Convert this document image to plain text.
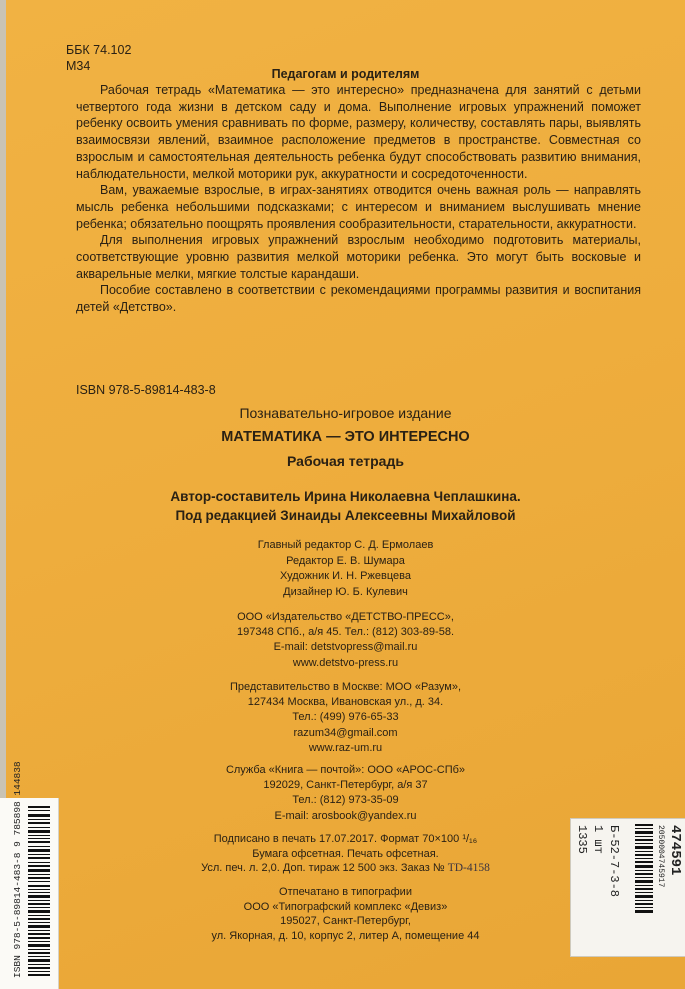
ББК 74.102
М34
Педагогам и родителям

Рабочая тетрадь «Математика — это интересно» предназначена для занятий с детьми четвертого года жизни в детском саду и дома. Выполнение игровых упражнений поможет ребенку освоить умения сравнивать по форме, размеру, количеству, составлять пары, выявлять взаимосвязи явлений, взаимное расположение предметов в пространстве. Совместная со взрослым и самостоятельная деятельность ребенка будут способствовать развитию внимания, наблюдательности, мелкой моторики рук, аккуратности и сосредоточенности.

Вам, уважаемые взрослые, в играх-занятиях отводится очень важная роль — направлять мысль ребенка небольшими подсказками; с интересом и вниманием выслушивать мнение ребенка; обязательно поощрять проявления сообразительности, старательности, аккуратности.

Для выполнения игровых упражнений взрослым необходимо подготовить материалы, соответствующие уровню развития мелкой моторики ребенка. Это могут быть восковые и акварельные мелки, мягкие толстые карандаши.

Пособие составлено в соответствии с рекомендациями программы развития и воспитания детей «Детство».

ISBN 978-5-89814-483-8
Познавательно-игровое издание
МАТЕМАТИКА — ЭТО ИНТЕРЕСНО
Рабочая тетрадь
Автор-составитель Ирина Николаевна Чеплашкина.
Под редакцией Зинаиды Алексеевны Михайловой
Главный редактор С. Д. Ермолаев
Редактор Е. В. Шумара
Художник И. Н. Ржевцева
Дизайнер Ю. Б. Кулевич
ООО «Издательство «ДЕТСТВО-ПРЕСС»,
197348 СПб., а/я 45. Тел.: (812) 303-89-58.
E-mail: detstvopress@mail.ru
www.detstvo-press.ru
Представительство в Москве: МОО «Разум»,
127434 Москва, Ивановская ул., д. 34.
Тел.: (499) 976-65-33
razum34@gmail.com
www.raz-um.ru
Служба «Книга — почтой»: ООО «АРОС-СПб»
192029, Санкт-Петербург, а/я 37
Тел.: (812) 973-35-09
E-mail: arosbook@yandex.ru
Подписано в печать 17.07.2017. Формат 70×100 ¹/₁₆
Бумага офсетная. Печать офсетная.
Усл. печ. л. 2,0. Доп. тираж 12 500 экз. Заказ № TD-4158
Отпечатано в типографии
ООО «Типографский комплекс «Девиз»
195027, Санкт-Петербург,
ул. Якорная, д. 10, корпус 2, литер А, помещение 44
ISBN 978-5-89814-483-8 9 785898 144838	474591
2050004745917
Б-52-7-3-8
1 шт
1335
